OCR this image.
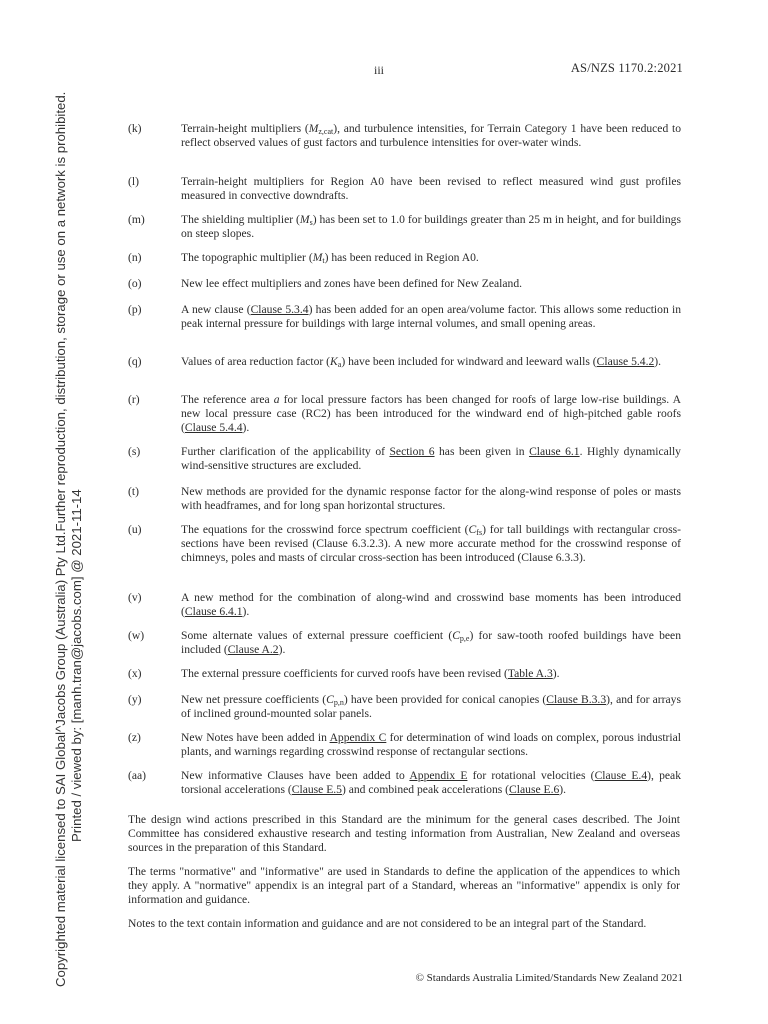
Copyrighted material licensed to SAI Global^Jacobs Group (Australia) Pty Ltd.Further reproduction, distribution, storage or use on a network is prohibited. Printed / viewed by: [manh.tran@jacobs.com] @ 2021-11-14
iii	AS/NZS 1170.2:2021
(k)	Terrain-height multipliers $(M_{z,cat})$, and turbulence intensities, for Terrain Category 1 have been reduced to reflect observed values of gust factors and turbulence intensities for over-water winds.
(l)	Terrain-height multipliers for Region A0 have been revised to reflect measured wind gust profiles measured in convective downdrafts.
(m)	The shielding multiplier $(M_s)$ has been set to 1.0 for buildings greater than 25 m in height, and for buildings on steep slopes.
(n)	The topographic multiplier $(M_t)$ has been reduced in Region A0.
(o)	New lee effect multipliers and zones have been defined for New Zealand.
(p)	A new clause (Clause 5.3.4) has been added for an open area/volume factor. This allows some reduction in peak internal pressure for buildings with large internal volumes, and small opening areas.
(q)	Values of area reduction factor $(K_a)$ have been included for windward and leeward walls (Clause 5.4.2).
(r)	The reference area a for local pressure factors has been changed for roofs of large low-rise buildings. A new local pressure case (RC2) has been introduced for the windward end of high-pitched gable roofs (Clause 5.4.4).
(s)	Further clarification of the applicability of Section 6 has been given in Clause 6.1. Highly dynamically wind-sensitive structures are excluded.
(t)	New methods are provided for the dynamic response factor for the along-wind response of poles or masts with headframes, and for long span horizontal structures.
(u)	The equations for the crosswind force spectrum coefficient $(C_{fs})$ for tall buildings with rectangular cross-sections have been revised (Clause 6.3.2.3). A new more accurate method for the crosswind response of chimneys, poles and masts of circular cross-section has been introduced (Clause 6.3.3).
(v)	A new method for the combination of along-wind and crosswind base moments has been introduced (Clause 6.4.1).
(w)	Some alternate values of external pressure coefficient $(C_{p,e})$ for saw-tooth roofed buildings have been included (Clause A.2).
(x)	The external pressure coefficients for curved roofs have been revised (Table A.3).
(y)	New net pressure coefficients $(C_{p,n})$ have been provided for conical canopies (Clause B.3.3), and for arrays of inclined ground-mounted solar panels.
(z)	New Notes have been added in Appendix C for determination of wind loads on complex, porous industrial plants, and warnings regarding crosswind response of rectangular sections.
(aa)	New informative Clauses have been added to Appendix E for rotational velocities (Clause E.4), peak torsional accelerations (Clause E.5) and combined peak accelerations (Clause E.6).

The design wind actions prescribed in this Standard are the minimum for the general cases described. The Joint Committee has considered exhaustive research and testing information from Australian, New Zealand and overseas sources in the preparation of this Standard.

The terms "normative" and "informative" are used in Standards to define the application of the appendices to which they apply. A "normative" appendix is an integral part of a Standard, whereas an "informative" appendix is only for information and guidance.

Notes to the text contain information and guidance and are not considered to be an integral part of the Standard.

© Standards Australia Limited/Standards New Zealand 2021
